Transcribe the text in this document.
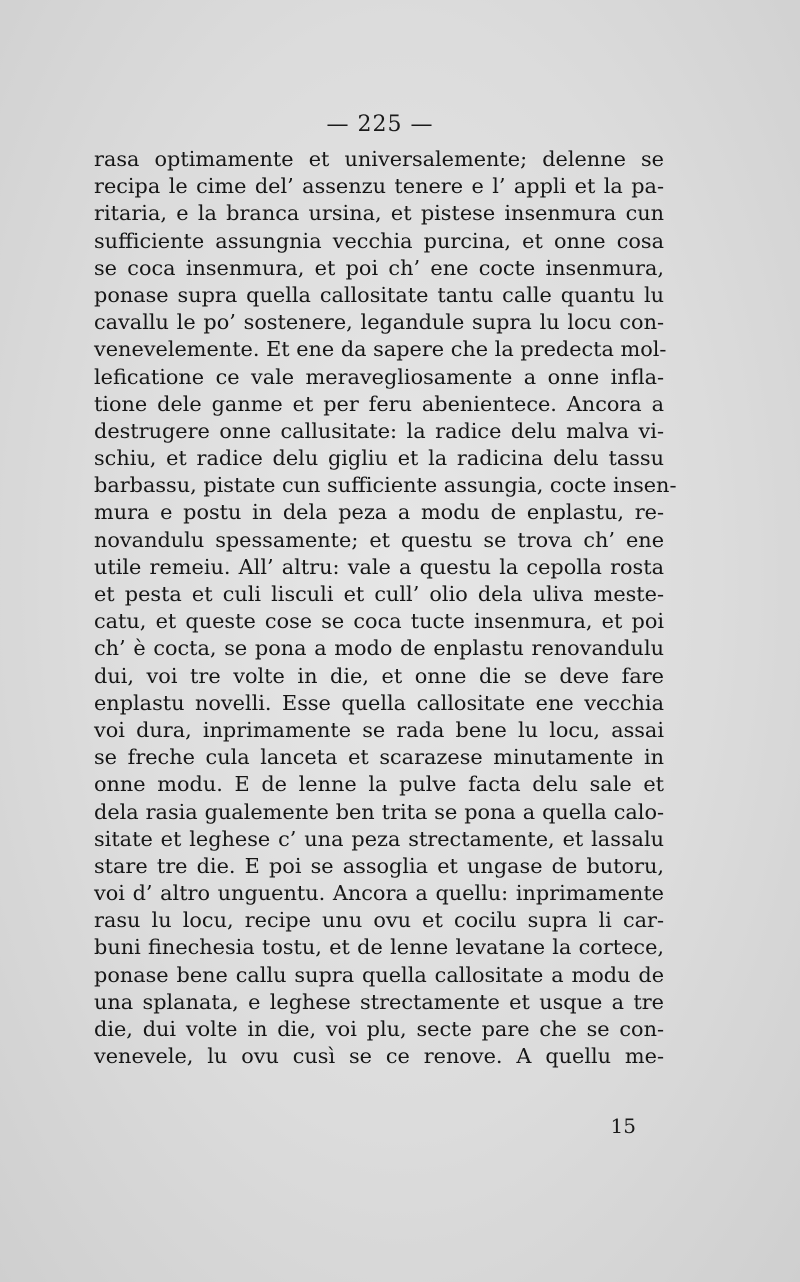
— 225 —
rasa optimamente et universalemente; delenne se
recipa le cime del’ assenzu tenere e l’ appli et la pa-
ritaria, e la branca ursina, et pistese insenmura cun
sufficiente assungnia vecchia purcina, et onne cosa
se coca insenmura, et poi ch’ ene cocte insenmura,
ponase supra quella callositate tantu calle quantu lu
cavallu le po’ sostenere, legandule supra lu locu con-
venevelemente. Et ene da sapere che la predecta mol-
leficatione ce vale meravegliosamente a onne infla-
tione dele ganme et per feru abenientece. Ancora a
destrugere onne callusitate: la radice delu malva vi-
schiu, et radice delu gigliu et la radicina delu tassu
barbassu, pistate cun sufficiente assungia, cocte insen-
mura e postu in dela peza a modu de enplastu, re-
novandulu spessamente; et questu se trova ch’ ene
utile remeiu. All’ altru: vale a questu la cepolla rosta
et pesta et culi lisculi et cull’ olio dela uliva meste-
catu, et queste cose se coca tucte insenmura, et poi
ch’ è cocta, se pona a modo de enplastu renovandulu
dui, voi tre volte in die, et onne die se deve fare
enplastu novelli. Esse quella callositate ene vecchia
voi dura, inprimamente se rada bene lu locu, assai
se freche cula lanceta et scarazese minutamente in
onne modu. E de lenne la pulve facta delu sale et
dela rasia gualemente ben trita se pona a quella calo-
sitate et leghese c’ una peza strectamente, et lassalu
stare tre die. E poi se assoglia et ungase de butoru,
voi d’ altro unguentu. Ancora a quellu: inprimamente
rasu lu locu, recipe unu ovu et cocilu supra li car-
buni finechesia tostu, et de lenne levatane la cortece,
ponase bene callu supra quella callositate a modu de
una splanata, e leghese strectamente et usque a tre
die, dui volte in die, voi plu, secte pare che se con-
venevele, lu ovu cusì se ce renove. A quellu me-
15
